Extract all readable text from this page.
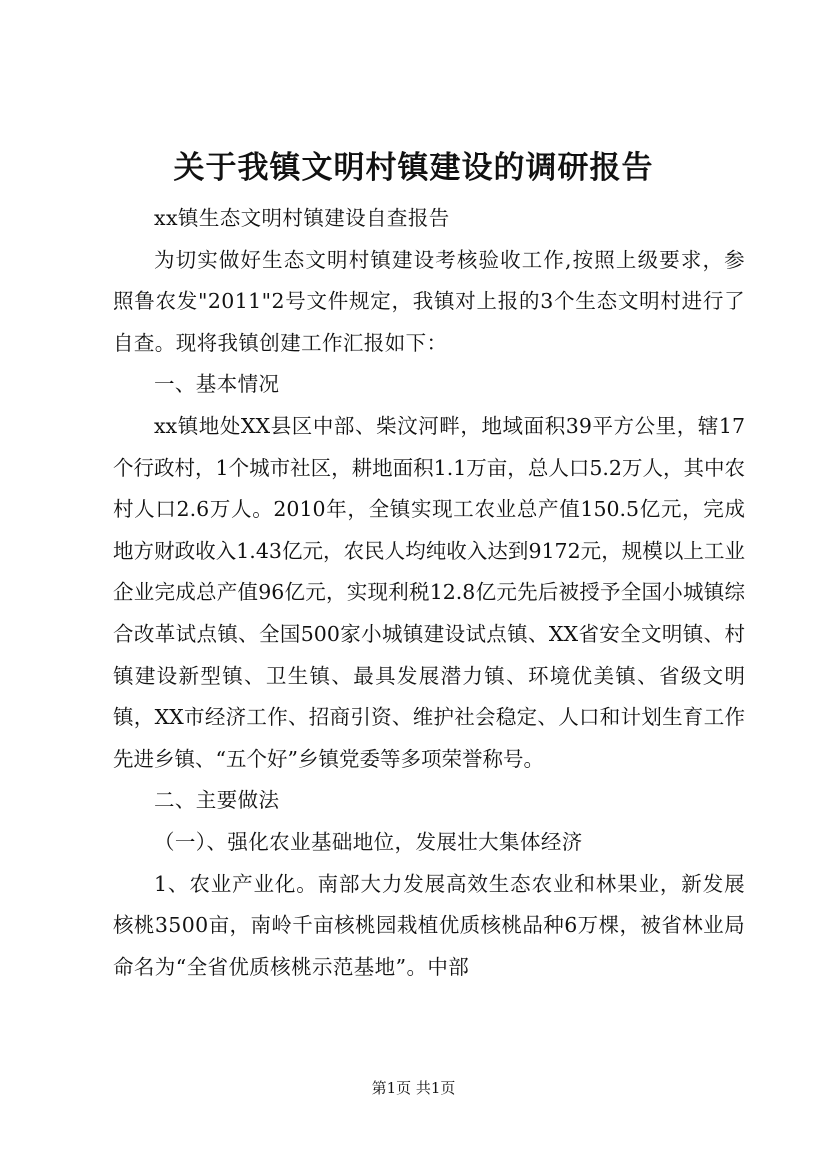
关于我镇文明村镇建设的调研报告

xx镇生态文明村镇建设自查报告

为切实做好生态文明村镇建设考核验收工作,按照上级要求，参照鲁农发"2011"2号文件规定，我镇对上报的3个生态文明村进行了自查。现将我镇创建工作汇报如下：

一、基本情况

xx镇地处XX县区中部、柴汶河畔，地域面积39平方公里，辖17个行政村，1个城市社区，耕地面积1.1万亩，总人口5.2万人，其中农村人口2.6万人。2010年，全镇实现工农业总产值150.5亿元，完成地方财政收入1.43亿元，农民人均纯收入达到9172元，规模以上工业企业完成总产值96亿元，实现利税12.8亿元先后被授予全国小城镇综合改革试点镇、全国500家小城镇建设试点镇、XX省安全文明镇、村镇建设新型镇、卫生镇、最具发展潜力镇、环境优美镇、省级文明镇，XX市经济工作、招商引资、维护社会稳定、人口和计划生育工作先进乡镇、“五个好”乡镇党委等多项荣誉称号。

二、主要做法

（一）、强化农业基础地位，发展壮大集体经济

1、农业产业化。南部大力发展高效生态农业和林果业，新发展核桃3500亩，南岭千亩核桃园栽植优质核桃品种6万棵，被省林业局命名为“全省优质核桃示范基地”。中部

第1页 共1页
